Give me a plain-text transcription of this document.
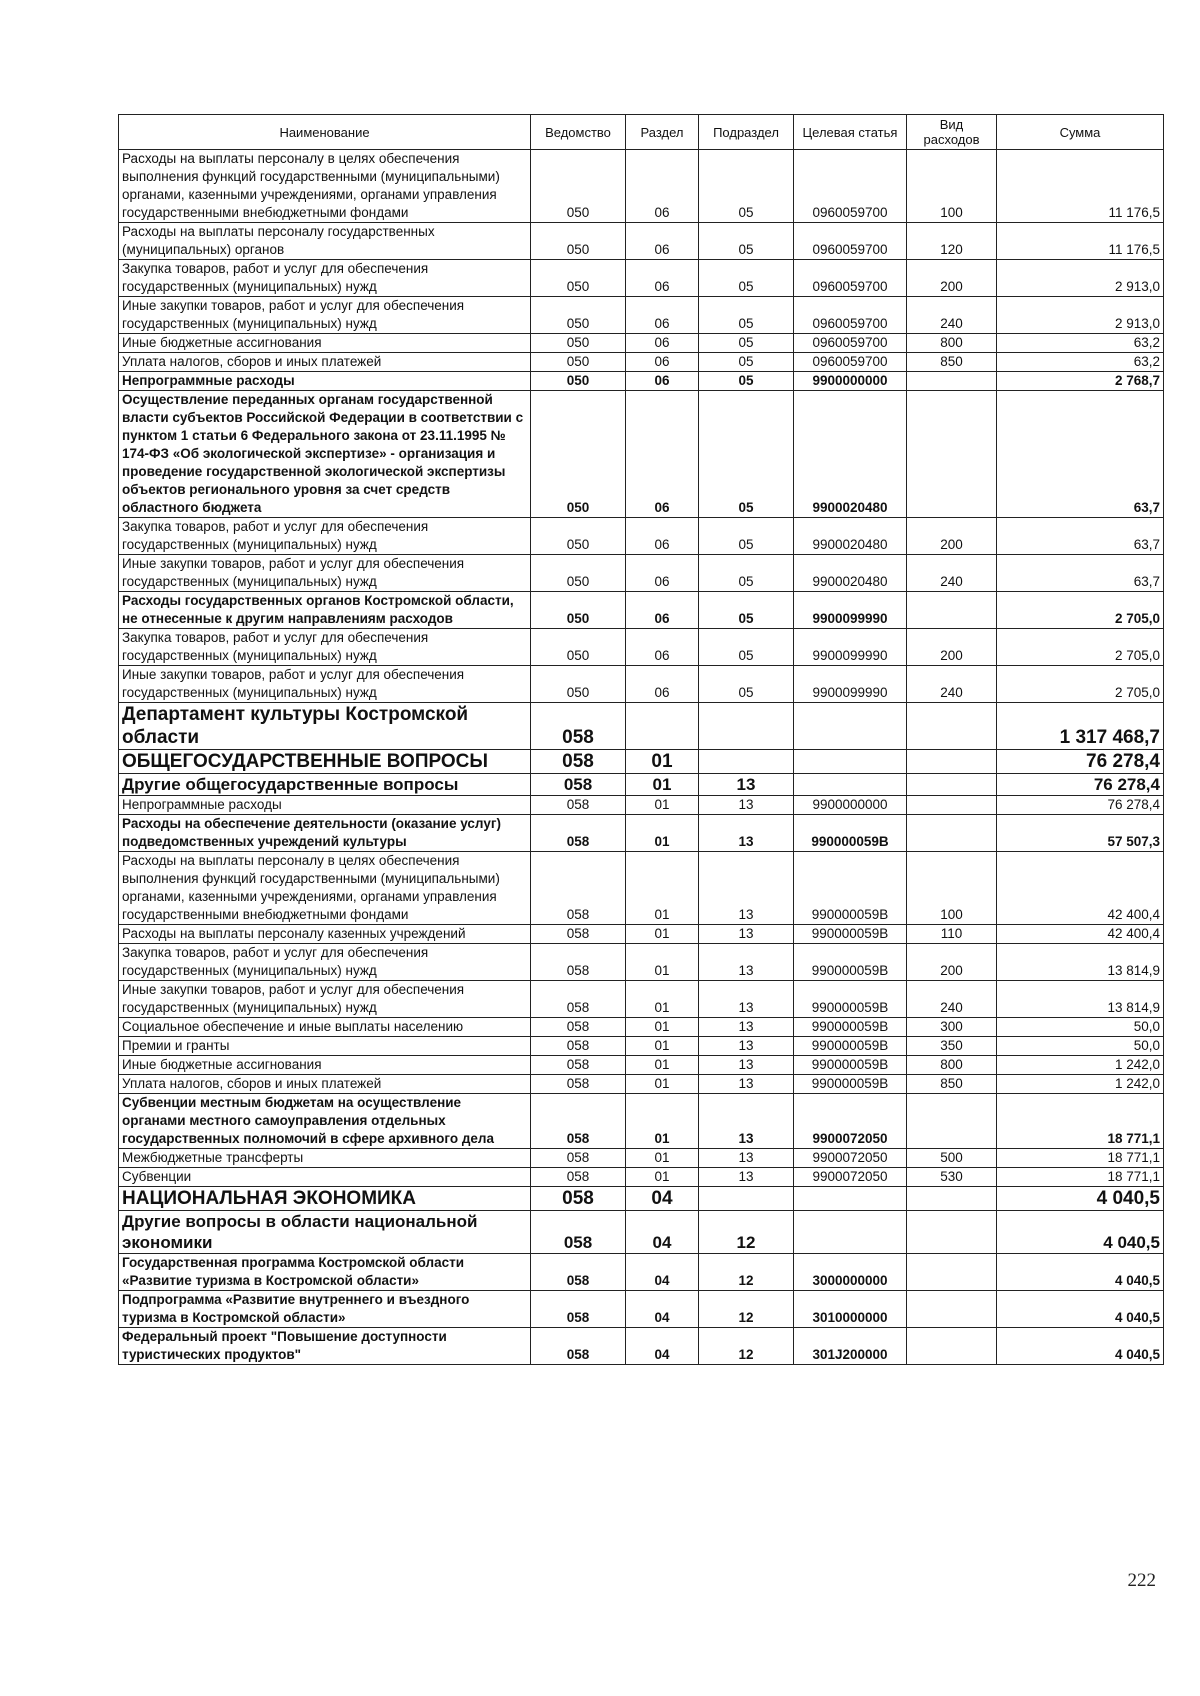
Наименование	Ведомство	Раздел	Подраздел	Целевая статья	Вид расходов	Сумма
Расходы на выплаты персоналу в целях обеспечения выполнения функций государственными (муниципальными) органами, казенными учреждениями, органами управления государственными внебюджетными фондами	050	06	05	0960059700	100	11 176,5
Расходы на выплаты персоналу государственных (муниципальных) органов	050	06	05	0960059700	120	11 176,5
Закупка товаров, работ и услуг для обеспечения государственных (муниципальных) нужд	050	06	05	0960059700	200	2 913,0
Иные закупки товаров, работ и услуг для обеспечения государственных (муниципальных) нужд	050	06	05	0960059700	240	2 913,0
Иные бюджетные ассигнования	050	06	05	0960059700	800	63,2
Уплата налогов, сборов и иных платежей	050	06	05	0960059700	850	63,2
Непрограммные расходы	050	06	05	9900000000		2 768,7
Осуществление переданных органам государственной власти субъектов Российской Федерации в соответствии с пунктом 1 статьи 6 Федерального закона от 23.11.1995 № 174-ФЗ «Об экологической экспертизе» - организация и проведение государственной экологической экспертизы объектов регионального уровня за счет средств областного бюджета	050	06	05	9900020480		63,7
Закупка товаров, работ и услуг для обеспечения государственных (муниципальных) нужд	050	06	05	9900020480	200	63,7
Иные закупки товаров, работ и услуг для обеспечения государственных (муниципальных) нужд	050	06	05	9900020480	240	63,7
Расходы государственных органов Костромской области, не отнесенные к другим направлениям расходов	050	06	05	9900099990		2 705,0
Закупка товаров, работ и услуг для обеспечения государственных (муниципальных) нужд	050	06	05	9900099990	200	2 705,0
Иные закупки товаров, работ и услуг для обеспечения государственных (муниципальных) нужд	050	06	05	9900099990	240	2 705,0
Департамент культуры Костромской области	058					1 317 468,7
ОБЩЕГОСУДАРСТВЕННЫЕ ВОПРОСЫ	058	01				76 278,4
Другие общегосударственные вопросы	058	01	13			76 278,4
Непрограммные расходы	058	01	13	9900000000		76 278,4
Расходы на обеспечение деятельности (оказание услуг) подведомственных учреждений культуры	058	01	13	990000059В		57 507,3
Расходы на выплаты персоналу в целях обеспечения выполнения функций государственными (муниципальными) органами, казенными учреждениями, органами управления государственными внебюджетными фондами	058	01	13	990000059В	100	42 400,4
Расходы на выплаты персоналу казенных учреждений	058	01	13	990000059В	110	42 400,4
Закупка товаров, работ и услуг для обеспечения государственных (муниципальных) нужд	058	01	13	990000059В	200	13 814,9
Иные закупки товаров, работ и услуг для обеспечения государственных (муниципальных) нужд	058	01	13	990000059В	240	13 814,9
Социальное обеспечение и иные выплаты населению	058	01	13	990000059В	300	50,0
Премии и гранты	058	01	13	990000059В	350	50,0
Иные бюджетные ассигнования	058	01	13	990000059В	800	1 242,0
Уплата налогов, сборов и иных платежей	058	01	13	990000059В	850	1 242,0
Субвенции местным бюджетам на осуществление органами местного самоуправления отдельных государственных полномочий в сфере архивного дела	058	01	13	9900072050		18 771,1
Межбюджетные трансферты	058	01	13	9900072050	500	18 771,1
Субвенции	058	01	13	9900072050	530	18 771,1
НАЦИОНАЛЬНАЯ ЭКОНОМИКА	058	04				4 040,5
Другие вопросы в области национальной экономики	058	04	12			4 040,5
Государственная программа Костромской области «Развитие туризма в Костромской области»	058	04	12	3000000000		4 040,5
Подпрограмма «Развитие внутреннего и въездного туризма в Костромской области»	058	04	12	3010000000		4 040,5
Федеральный проект "Повышение доступности туристических продуктов"	058	04	12	301J200000		4 040,5
222
